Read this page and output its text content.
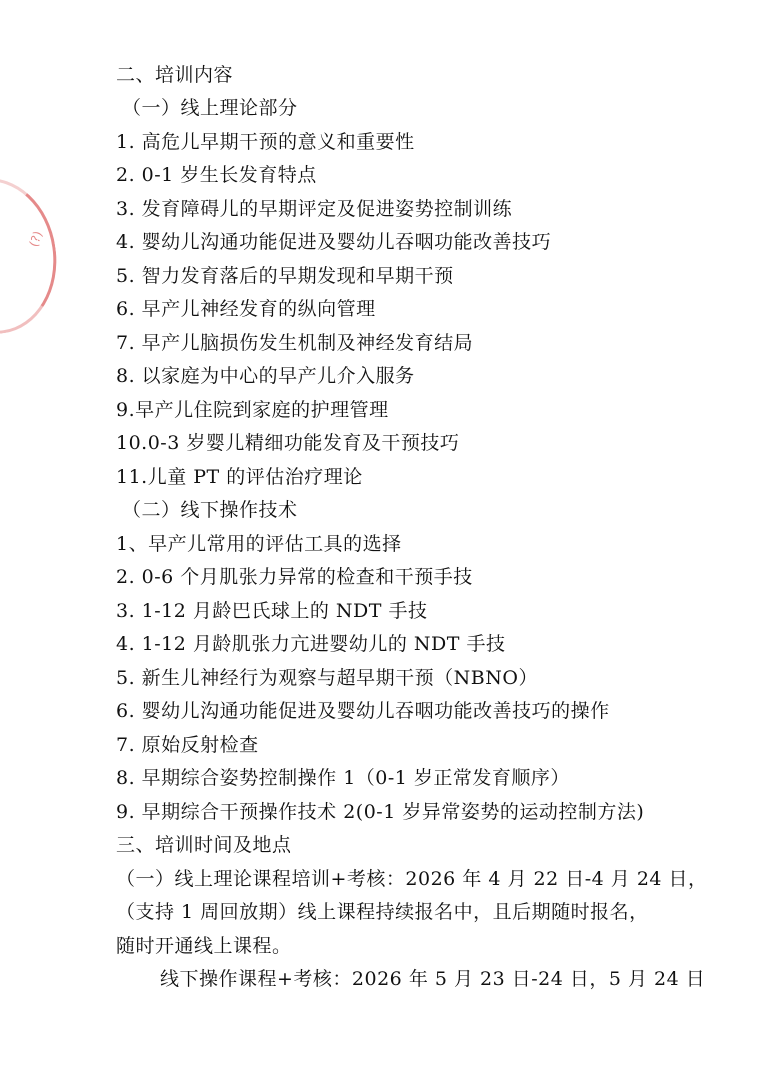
(?)
二、培训内容
（一）线上理论部分
1. 高危儿早期干预的意义和重要性
2. 0-1 岁生长发育特点
3. 发育障碍儿的早期评定及促进姿势控制训练
4. 婴幼儿沟通功能促进及婴幼儿吞咽功能改善技巧
5. 智力发育落后的早期发现和早期干预
6. 早产儿神经发育的纵向管理
7. 早产儿脑损伤发生机制及神经发育结局
8. 以家庭为中心的早产儿介入服务
9.早产儿住院到家庭的护理管理
10.0-3 岁婴儿精细功能发育及干预技巧
11.儿童 PT 的评估治疗理论
（二）线下操作技术
1、早产儿常用的评估工具的选择
2. 0-6 个月肌张力异常的检查和干预手技
3. 1-12 月龄巴氏球上的 NDT 手技
4. 1-12 月龄肌张力亢进婴幼儿的 NDT 手技
5. 新生儿神经行为观察与超早期干预（NBNO）
6. 婴幼儿沟通功能促进及婴幼儿吞咽功能改善技巧的操作
7. 原始反射检查
8. 早期综合姿势控制操作 1（0-1 岁正常发育顺序）
9. 早期综合干预操作技术 2(0-1 岁异常姿势的运动控制方法)
三、培训时间及地点
（一）线上理论课程培训+考核：2026 年 4 月 22 日-4 月 24 日，
（支持 1 周回放期）线上课程持续报名中，且后期随时报名，
随时开通线上课程。
线下操作课程+考核：2026 年 5 月 23 日-24 日，5 月 24 日
